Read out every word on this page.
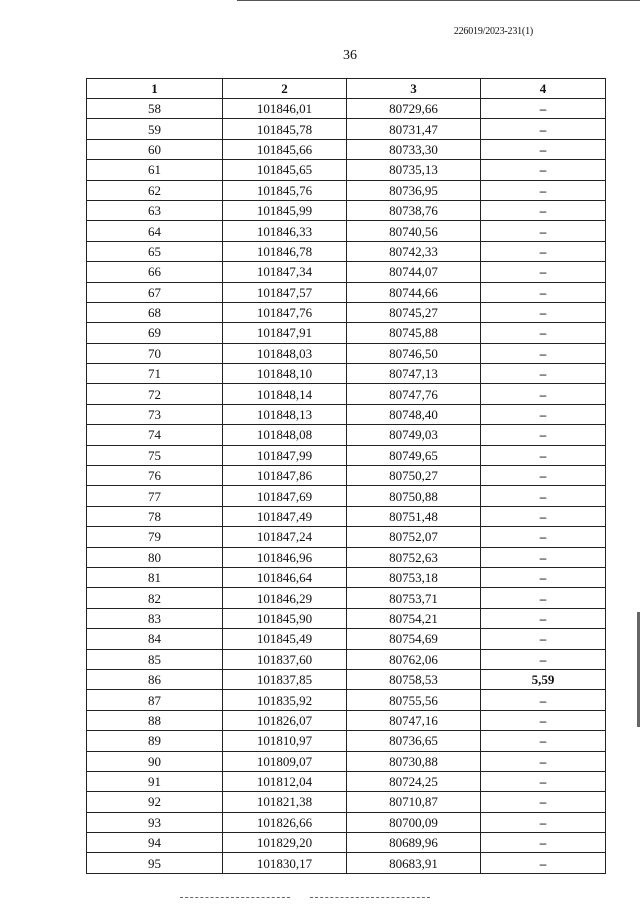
226019/2023-231(1)
36
1	2	3	4
58	101846,01	80729,66	–
59	101845,78	80731,47	–
60	101845,66	80733,30	–
61	101845,65	80735,13	–
62	101845,76	80736,95	–
63	101845,99	80738,76	–
64	101846,33	80740,56	–
65	101846,78	80742,33	–
66	101847,34	80744,07	–
67	101847,57	80744,66	–
68	101847,76	80745,27	–
69	101847,91	80745,88	–
70	101848,03	80746,50	–
71	101848,10	80747,13	–
72	101848,14	80747,76	–
73	101848,13	80748,40	–
74	101848,08	80749,03	–
75	101847,99	80749,65	–
76	101847,86	80750,27	–
77	101847,69	80750,88	–
78	101847,49	80751,48	–
79	101847,24	80752,07	–
80	101846,96	80752,63	–
81	101846,64	80753,18	–
82	101846,29	80753,71	–
83	101845,90	80754,21	–
84	101845,49	80754,69	–
85	101837,60	80762,06	–
86	101837,85	80758,53	5,59
87	101835,92	80755,56	–
88	101826,07	80747,16	–
89	101810,97	80736,65	–
90	101809,07	80730,88	–
91	101812,04	80724,25	–
92	101821,38	80710,87	–
93	101826,66	80700,09	–
94	101829,20	80689,96	–
95	101830,17	80683,91	–
